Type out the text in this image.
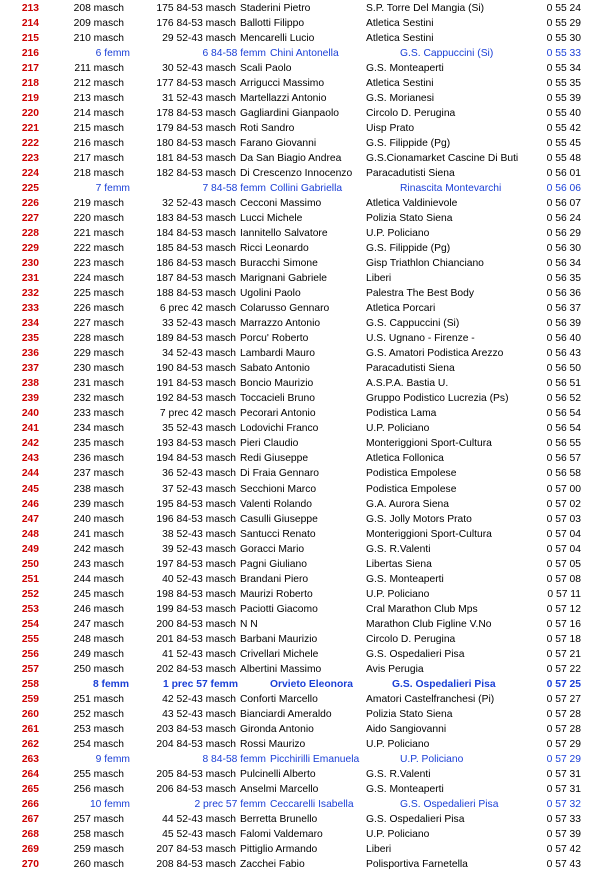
213	208 masch	175 84-53 masch Staderini Pietro	S.P. Torre Del Mangia (Si)	0 55 24
214	209 masch	176 84-53 masch Ballotti Filippo	Atletica Sestini	0 55 29
215	210 masch	29 52-43 masch Mencarelli Lucio	Atletica Sestini	0 55 30
216	6 femm	6 84-58 femm Chini Antonella	G.S. Cappuccini (Si)	0 55 33
217	211 masch	30 52-43 masch Scali Paolo	G.S. Monteaperti	0 55 34
218	212 masch	177 84-53 masch Arrigucci Massimo	Atletica Sestini	0 55 35
219	213 masch	31 52-43 masch Martellazzi Antonio	G.S. Morianesi	0 55 39
220	214 masch	178 84-53 masch Gagliardini Gianpaolo	Circolo D. Perugina	0 55 40
221	215 masch	179 84-53 masch Roti Sandro	Uisp Prato	0 55 42
222	216 masch	180 84-53 masch Farano Giovanni	G.S. Filippide (Pg)	0 55 45
223	217 masch	181 84-53 masch Da San Biagio Andrea	G.S.Cionamarket Cascine Di Buti	0 55 48
224	218 masch	182 84-53 masch Di Crescenzo Innocenzo	Paracadutisti Siena	0 56 01
225	7 femm	7 84-58 femm Collini Gabriella	Rinascita Montevarchi	0 56 06
226	219 masch	32 52-43 masch Cecconi Massimo	Atletica Valdinievole	0 56 07
227	220 masch	183 84-53 masch Lucci Michele	Polizia Stato Siena	0 56 24
228	221 masch	184 84-53 masch Iannitello Salvatore	U.P. Policiano	0 56 29
229	222 masch	185 84-53 masch Ricci Leonardo	G.S. Filippide (Pg)	0 56 30
230	223 masch	186 84-53 masch Buracchi Simone	Gisp Triathlon Chianciano	0 56 34
231	224 masch	187 84-53 masch Marignani Gabriele	Liberi	0 56 35
232	225 masch	188 84-53 masch Ugolini Paolo	Palestra The Best Body	0 56 36
233	226 masch	6 prec 42 masch Colarusso Gennaro	Atletica Porcari	0 56 37
234	227 masch	33 52-43 masch Marrazzo Antonio	G.S. Cappuccini (Si)	0 56 39
235	228 masch	189 84-53 masch Porcu' Roberto	U.S. Ugnano - Firenze -	0 56 40
236	229 masch	34 52-43 masch Lambardi Mauro	G.S. Amatori Podistica Arezzo	0 56 43
237	230 masch	190 84-53 masch Sabato Antonio	Paracadutisti Siena	0 56 50
238	231 masch	191 84-53 masch Boncio Maurizio	A.S.P.A. Bastia U.	0 56 51
239	232 masch	192 84-53 masch Toccacieli Bruno	Gruppo Podistico Lucrezia (Ps)	0 56 52
240	233 masch	7 prec 42 masch Pecorari Antonio	Podistica Lama	0 56 54
241	234 masch	35 52-43 masch Lodovichi Franco	U.P. Policiano	0 56 54
242	235 masch	193 84-53 masch Pieri Claudio	Monteriggioni Sport-Cultura	0 56 55
243	236 masch	194 84-53 masch Redi Giuseppe	Atletica Follonica	0 56 57
244	237 masch	36 52-43 masch Di Fraia Gennaro	Podistica Empolese	0 56 58
245	238 masch	37 52-43 masch Secchioni Marco	Podistica Empolese	0 57 00
246	239 masch	195 84-53 masch Valenti Rolando	G.A. Aurora Siena	0 57 02
247	240 masch	196 84-53 masch Casulli Giuseppe	G.S. Jolly Motors Prato	0 57 03
248	241 masch	38 52-43 masch Santucci Renato	Monteriggioni Sport-Cultura	0 57 04
249	242 masch	39 52-43 masch Goracci Mario	G.S. R.Valenti	0 57 04
250	243 masch	197 84-53 masch Pagni Giuliano	Libertas Siena	0 57 05
251	244 masch	40 52-43 masch Brandani Piero	G.S. Monteaperti	0 57 08
252	245 masch	198 84-53 masch Maurizi Roberto	U.P. Policiano	0 57 11
253	246 masch	199 84-53 masch Paciotti Giacomo	Cral Marathon Club Mps	0 57 12
254	247 masch	200 84-53 masch N N	Marathon Club Figline V.No	0 57 16
255	248 masch	201 84-53 masch Barbani Maurizio	Circolo D. Perugina	0 57 18
256	249 masch	41 52-43 masch Crivellari Michele	G.S. Ospedalieri Pisa	0 57 21
257	250 masch	202 84-53 masch Albertini Massimo	Avis Perugia	0 57 22
258	8 femm	1 prec 57 femm	Orvieto Eleonora	G.S. Ospedalieri Pisa	0 57 25
259	251 masch	42 52-43 masch Conforti Marcello	Amatori Castelfranchesi (Pi)	0 57 27
260	252 masch	43 52-43 masch Bianciardi Ameraldo	Polizia Stato Siena	0 57 28
261	253 masch	203 84-53 masch Gironda Antonio	Aido Sangiovanni	0 57 28
262	254 masch	204 84-53 masch Rossi Maurizo	U.P. Policiano	0 57 29
263	9 femm	8 84-58 femm Picchirilli Emanuela	U.P. Policiano	0 57 29
264	255 masch	205 84-53 masch Pulcinelli Alberto	G.S. R.Valenti	0 57 31
265	256 masch	206 84-53 masch Anselmi Marcello	G.S. Monteaperti	0 57 31
266	10 femm	2 prec 57 femm Ceccarelli Isabella	G.S. Ospedalieri Pisa	0 57 32
267	257 masch	44 52-43 masch Berretta Brunello	G.S. Ospedalieri Pisa	0 57 33
268	258 masch	45 52-43 masch Falomi Valdemaro	U.P. Policiano	0 57 39
269	259 masch	207 84-53 masch Pittiglio Armando	Liberi	0 57 42
270	260 masch	208 84-53 masch Zacchei Fabio	Polisportiva Farnetella	0 57 43
